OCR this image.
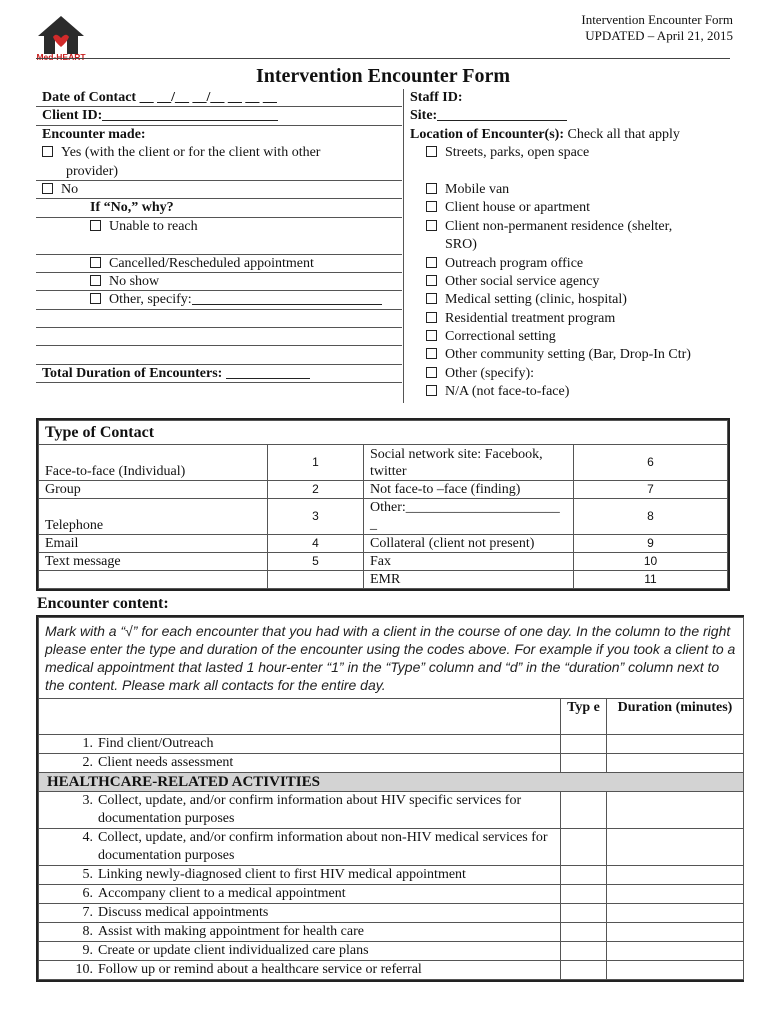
Med-HEART
Intervention Encounter Form
UPDATED – April 21, 2015
Intervention Encounter Form
Date of Contact __ __/__ __/__ __ __ __
Client ID:
Encounter made:
Yes (with the client or for the client with other
provider)
No
If “No,” why?
Unable to reach
Cancelled/Rescheduled appointment
No show
Other, specify:
Total Duration of Encounters:
Staff ID:
Site:
Location of Encounter(s): Check all that apply
Streets, parks, open space
Mobile van
Client house or apartment
Client non-permanent residence (shelter,
SRO)
Outreach program office
Other social service agency
Medical setting (clinic, hospital)
Residential treatment program
Correctional setting
Other community setting (Bar, Drop-In Ctr)
Other (specify):
N/A (not face-to-face)
Type of Contact			
Face-to-face (Individual)	1	Social network site: Facebook, twitter	6
Group	2	Not face-to –face (finding)	7
Telephone	3	Other:______________________ _	8
Email	4	Collateral (client not present)	9
Text message	5	Fax	10
		EMR	11
Encounter content:
Mark with a “√” for each encounter that you had with a client in the course of one day. In the column to the right please enter the type and duration of the encounter using the codes above. For example if you took a client to a medical appointment that lasted 1 hour-enter “1” in the “Type” column and “d” in the “duration” column next to the content. Please mark all contacts for the entire day.		
	Typ e	Duration (minutes)
1. Find client/Outreach		
2. Client needs assessment		
HEALTHCARE-RELATED ACTIVITIES		
3. Collect, update, and/or confirm information about HIV specific services for documentation purposes		
4. Collect, update, and/or confirm information about non-HIV medical services for documentation purposes		
5. Linking newly-diagnosed client to first HIV medical appointment		
6. Accompany client to a medical appointment		
7. Discuss medical appointments		
8. Assist with making appointment for health care		
9. Create or update client individualized care plans		
10. Follow up or remind about a healthcare service or referral		
